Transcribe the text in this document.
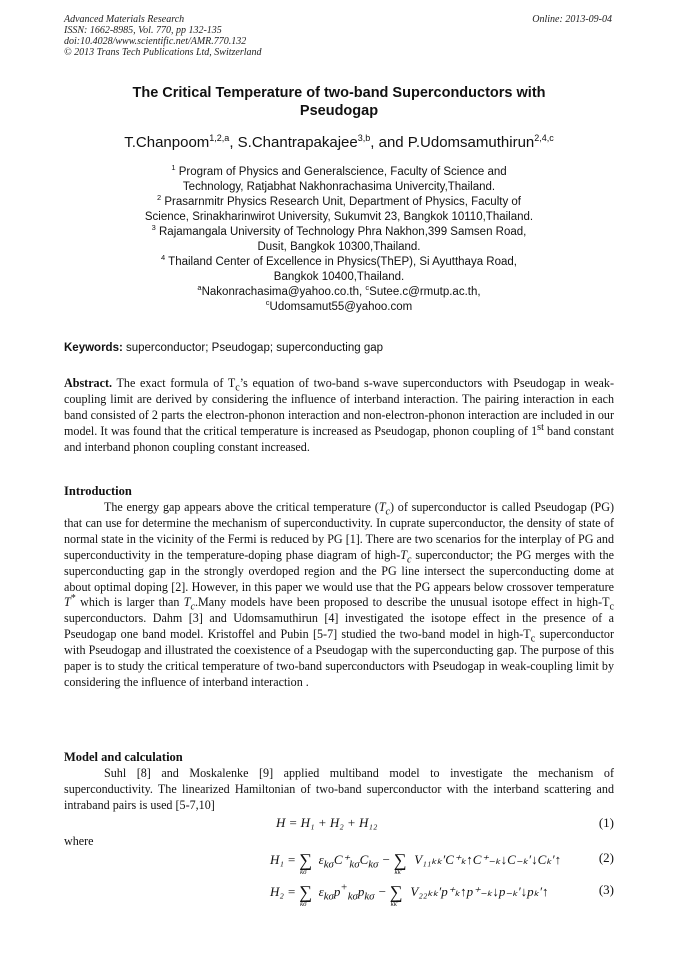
Advanced Materials Research
ISSN: 1662-8985, Vol. 770, pp 132-135
doi:10.4028/www.scientific.net/AMR.770.132
© 2013 Trans Tech Publications Ltd, Switzerland
Online: 2013-09-04
The Critical Temperature of two-band Superconductors with
Pseudogap
T.Chanpoom$^{1,2,a}$, S.Chantrapakajee$^{3,b}$, and P.Udomsamuthirun$^{2,4,c}$
$^1$ Program of Physics and Generalscience, Faculty of Science and
Technology, Ratjabhat Nakhonrachasima Univercity,Thailand.
$^2$ Prasarnmitr Physics Research Unit, Department of Physics, Faculty of
Science, Srinakharinwirot University, Sukumvit 23, Bangkok 10110,Thailand.
$^3$ Rajamangala University of Technology Phra Nakhon,399 Samsen Road,
Dusit, Bangkok 10300,Thailand.
$^4$ Thailand Center of Excellence in Physics(ThEP), Si Ayutthaya Road,
Bangkok 10400,Thailand.
$^a$Nakonrachasima@yahoo.co.th, $^c$Sutee.c@rmutp.ac.th,
$^c$Udomsamut55@yahoo.com
Keywords: superconductor; Pseudogap; superconducting gap
Abstract. The exact formula of $T_c’s$ equation of two-band s-wave superconductors with Pseudogap in weak-coupling limit are derived by considering the influence of interband interaction. The pairing interaction in each band consisted of 2 parts the electron-phonon interaction and non-electron-phonon interaction are included in our model. It was found that the critical temperature is increased as Pseudogap, phonon coupling of 1st band constant and interband phonon coupling constant increased.
Introduction
The energy gap appears above the critical temperature $(T_c)$ of superconductor is called Pseudogap (PG) that can use for determine the mechanism of superconductivity. In cuprate superconductor, the density of state of normal state in the vicinity of the Fermi is reduced by PG [1]. There are two scenarios for the interplay of PG and superconductivity in the temperature-doping phase diagram of high-$T_c$ superconductor; the PG merges with the superconducting gap in the strongly overdoped region and the PG line intersect the superconducting dome at about optimal doping [2]. However, in this paper we would use that the PG appears below crossover temperature T* which is larger than $T_c.Many$ models have been proposed to describe the unusual isotope effect in high-$T_c$ superconductors. Dahm [3] and Udomsamuthirun [4] investigated the isotope effect in the presence of a Pseudogap one band model. Kristoffel and Pubin [5-7] studied the two-band model in high-$T_c$ superconductor with Pseudogap and illustrated the coexistence of a Pseudogap with the superconducting gap. The purpose of this paper is to study the critical temperature of two-band superconductors with Pseudogap in weak-coupling limit by considering the influence of interband interaction .
Model and calculation
Suhl [8] and Moskalenke [9] applied multiband model to investigate the mechanism of superconductivity. The linearized Hamiltonian of two-band superconductor with the interband scattering and intraband pairs is used [5-7,10]
H = H₁ + H₂ + H₁₂	(1)
where
$H_1 = \sum_{k\sigma}\varepsilon_{k\sigma}C^+_{k\sigma}C_{k\sigma}$ − $\sum_{kk'}V_{11kk}'C^+_k↑C^+_{-k}↓C_{-k}'↓C_k'↑$	(2)
$H_2 = \sum_{k\sigma}\varepsilon_{k\sigma}p^+_{k\sigma}p_{k\sigma}$ − $\sum_{kk'}V_{22kk}'p^+_k↑p^+_{-k}↓p_{-k}'↓p_k'↑$	(3)
